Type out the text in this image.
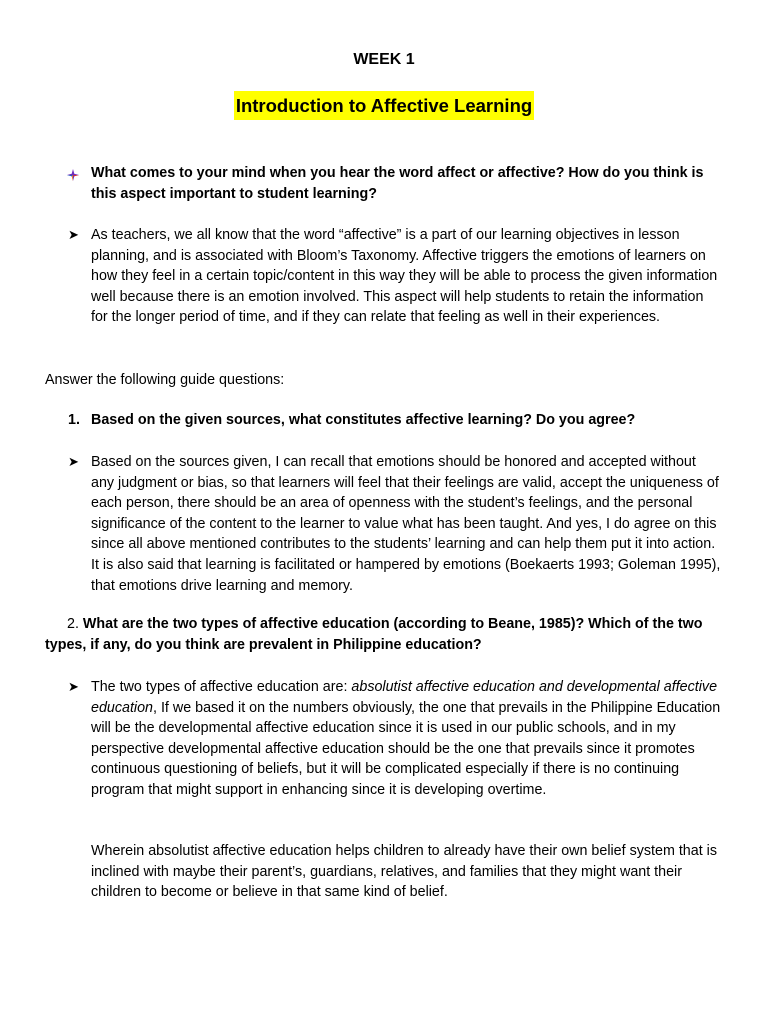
WEEK 1
Introduction to Affective Learning
What comes to your mind when you hear the word affect or affective? How do you think is this aspect important to student learning?
➤ As teachers, we all know that the word “affective” is a part of our learning objectives in lesson planning, and is associated with Bloom’s Taxonomy. Affective triggers the emotions of learners on how they feel in a certain topic/content in this way they will be able to process the given information well because there is an emotion involved. This aspect will help students to retain the information for the longer period of time, and if they can relate that feeling as well in their experiences.
Answer the following guide questions:
1. Based on the given sources, what constitutes affective learning? Do you agree?
➤ Based on the sources given, I can recall that emotions should be honored and accepted without any judgment or bias, so that learners will feel that their feelings are valid, accept the uniqueness of each person, there should be an area of openness with the student’s feelings, and the personal significance of the content to the learner to value what has been taught. And yes, I do agree on this since all above mentioned contributes to the students’ learning and can help them put it into action. It is also said that learning is facilitated or hampered by emotions (Boekaerts 1993; Goleman 1995), that emotions drive learning and memory.
2. What are the two types of affective education (according to Beane, 1985)? Which of the two types, if any, do you think are prevalent in Philippine education?
➤ The two types of affective education are: absolutist affective education and developmental affective education, If we based it on the numbers obviously, the one that prevails in the Philippine Education will be the developmental affective education since it is used in our public schools, and in my perspective developmental affective education should be the one that prevails since it promotes continuous questioning of beliefs, but it will be complicated especially if there is no continuing program that might support in enhancing since it is developing overtime.
Wherein absolutist affective education helps children to already have their own belief system that is inclined with maybe their parent’s, guardians, relatives, and families that they might want their children to become or believe in that same kind of belief.
